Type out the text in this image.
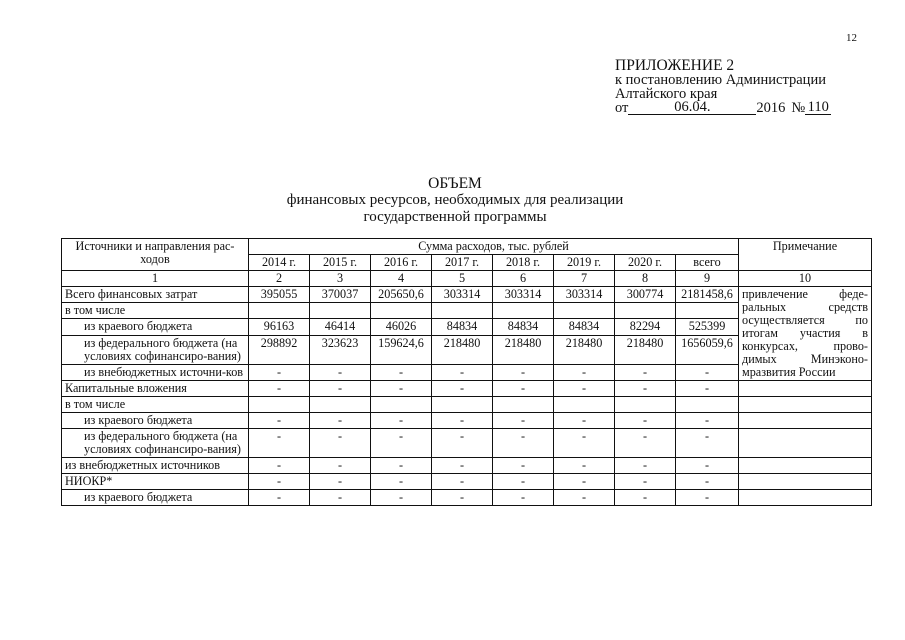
12
ПРИЛОЖЕНИЕ 2
к постановлению Администрации
Алтайского края
от	06.04.	2016 № 110
ОБЪЕМ
финансовых ресурсов, необходимых для реализации
государственной программы
Источники и направления рас-ходов	Сумма расходов, тыс. рублей								Примечание
	2014 г.	2015 г.	2016 г.	2017 г.	2018 г.	2019 г.	2020 г.	всего	
1	2	3	4	5	6	7	8	9	10
Всего финансовых затрат	395055	370037	205650,6	303314	303314	303314	300774	2181458,6	привлечение феде-ральных средств осуществляется по итогам участия в конкурсах, прово-димых Минэконо-мразвития России
в том числе									
из краевого бюджета	96163	46414	46026	84834	84834	84834	82294	525399	
из федерального бюджета (на условиях софинансиро-вания)	298892	323623	159624,6	218480	218480	218480	218480	1656059,6	
из внебюджетных источни-ков	-	-	-	-	-	-	-	-	
Капитальные вложения	-	-	-	-	-	-	-	-	
в том числе									
из краевого бюджета	-	-	-	-	-	-	-	-	
из федерального бюджета (на условиях софинансиро-вания)	-	-	-	-	-	-	-	-	
из внебюджетных источников	-	-	-	-	-	-	-	-	
НИОКР*	-	-	-	-	-	-	-	-	
из краевого бюджета	-	-	-	-	-	-	-	-	
